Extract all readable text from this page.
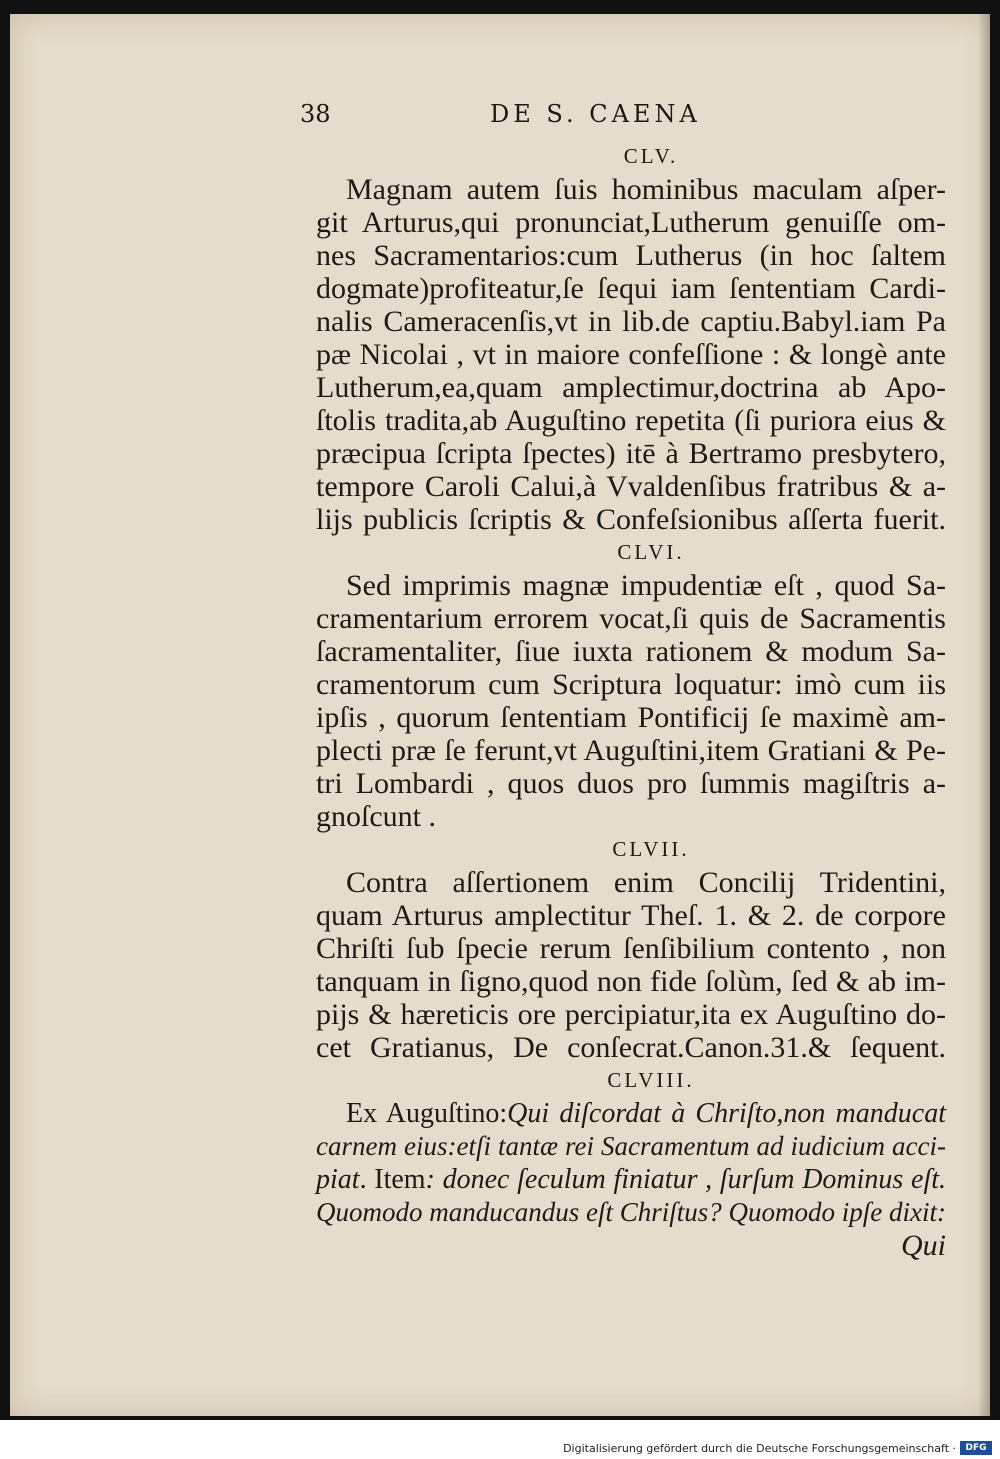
38	DE S. CAENA
CLV.
Magnam autem ſuis hominibus maculam aſper-
git Arturus,qui pronunciat,Lutherum genuiſſe om-
nes Sacramentarios:cum Lutherus (in hoc ſaltem
dogmate)profiteatur,ſe ſequi iam ſententiam Cardi-
nalis Cameracenſis,vt in lib.de captiu.Babyl.iam Pa
pæ Nicolai , vt in maiore confeſſione : & longè ante
Lutherum,ea,quam amplectimur,doctrina ab Apo-
ſtolis tradita,ab Auguſtino repetita (ſi puriora eius &
præcipua ſcripta ſpectes) itē à Bertramo presbytero,
tempore Caroli Calui,à Vvaldenſibus fratribus & a-
lijs publicis ſcriptis & Confeſsionibus aſſerta fuerit.
CLVI.
Sed imprimis magnæ impudentiæ eſt , quod Sa-
cramentarium errorem vocat,ſi quis de Sacramentis
ſacramentaliter, ſiue iuxta rationem & modum Sa-
cramentorum cum Scriptura loquatur: imò cum iis
ipſis , quorum ſententiam Pontificij ſe maximè am-
plecti præ ſe ferunt,vt Auguſtini,item Gratiani & Pe-
tri Lombardi , quos duos pro ſummis magiſtris a-
gnoſcunt .
CLVII.
Contra aſſertionem enim Concilij Tridentini,
quam Arturus amplectitur Theſ. 1. & 2. de corpore
Chriſti ſub ſpecie rerum ſenſibilium contento , non
tanquam in ſigno,quod non fide ſolùm, ſed & ab im-
pijs & hæreticis ore percipiatur,ita ex Auguſtino do-
cet Gratianus, De conſecrat.Canon.31.& ſequent.
CLVIII.
Ex Auguſtino:Qui diſcordat à Chriſto,non manducat
carnem eius:etſi tantæ rei Sacramentum ad iudicium acci-
piat. Item: donec ſeculum finiatur , ſurſum Dominus eſt.
Quomodo manducandus eſt Chriſtus? Quomodo ipſe dixit:
Qui
Digitalisierung gefördert durch die Deutsche Forschungsgemeinschaft ·	DFG
